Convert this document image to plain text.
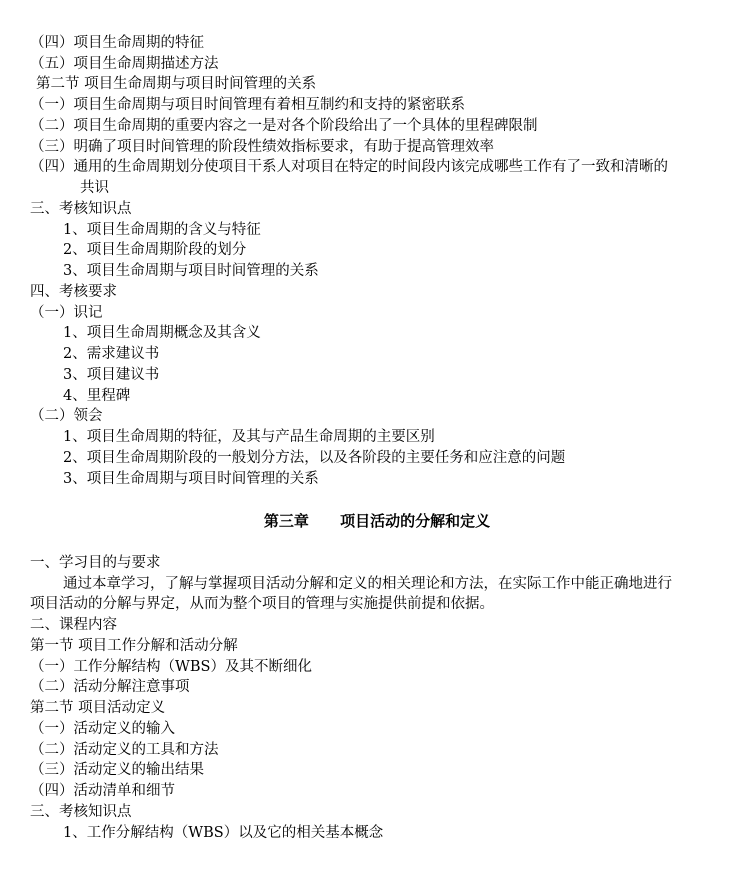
（四）项目生命周期的特征
（五）项目生命周期描述方法
第二节 项目生命周期与项目时间管理的关系
（一）项目生命周期与项目时间管理有着相互制约和支持的紧密联系
（二）项目生命周期的重要内容之一是对各个阶段给出了一个具体的里程碑限制
（三）明确了项目时间管理的阶段性绩效指标要求，有助于提高管理效率
（四）通用的生命周期划分使项目干系人对项目在特定的时间段内该完成哪些工作有了一致和清晰的
共识
三、考核知识点
1、项目生命周期的含义与特征
2、项目生命周期阶段的划分
3、项目生命周期与项目时间管理的关系
四、考核要求
（一）识记
1、项目生命周期概念及其含义
2、需求建议书
3、项目建议书
4、里程碑
（二）领会
1、项目生命周期的特征，及其与产品生命周期的主要区别
2、项目生命周期阶段的一般划分方法，以及各阶段的主要任务和应注意的问题
3、项目生命周期与项目时间管理的关系
第三章      项目活动的分解和定义
一、学习目的与要求
通过本章学习，了解与掌握项目活动分解和定义的相关理论和方法，在实际工作中能正确地进行
项目活动的分解与界定，从而为整个项目的管理与实施提供前提和依据。
二、课程内容
第一节 项目工作分解和活动分解
（一）工作分解结构（WBS）及其不断细化
（二）活动分解注意事项
第二节 项目活动定义
（一）活动定义的输入
（二）活动定义的工具和方法
（三）活动定义的输出结果
（四）活动清单和细节
三、考核知识点
1、工作分解结构（WBS）以及它的相关基本概念
